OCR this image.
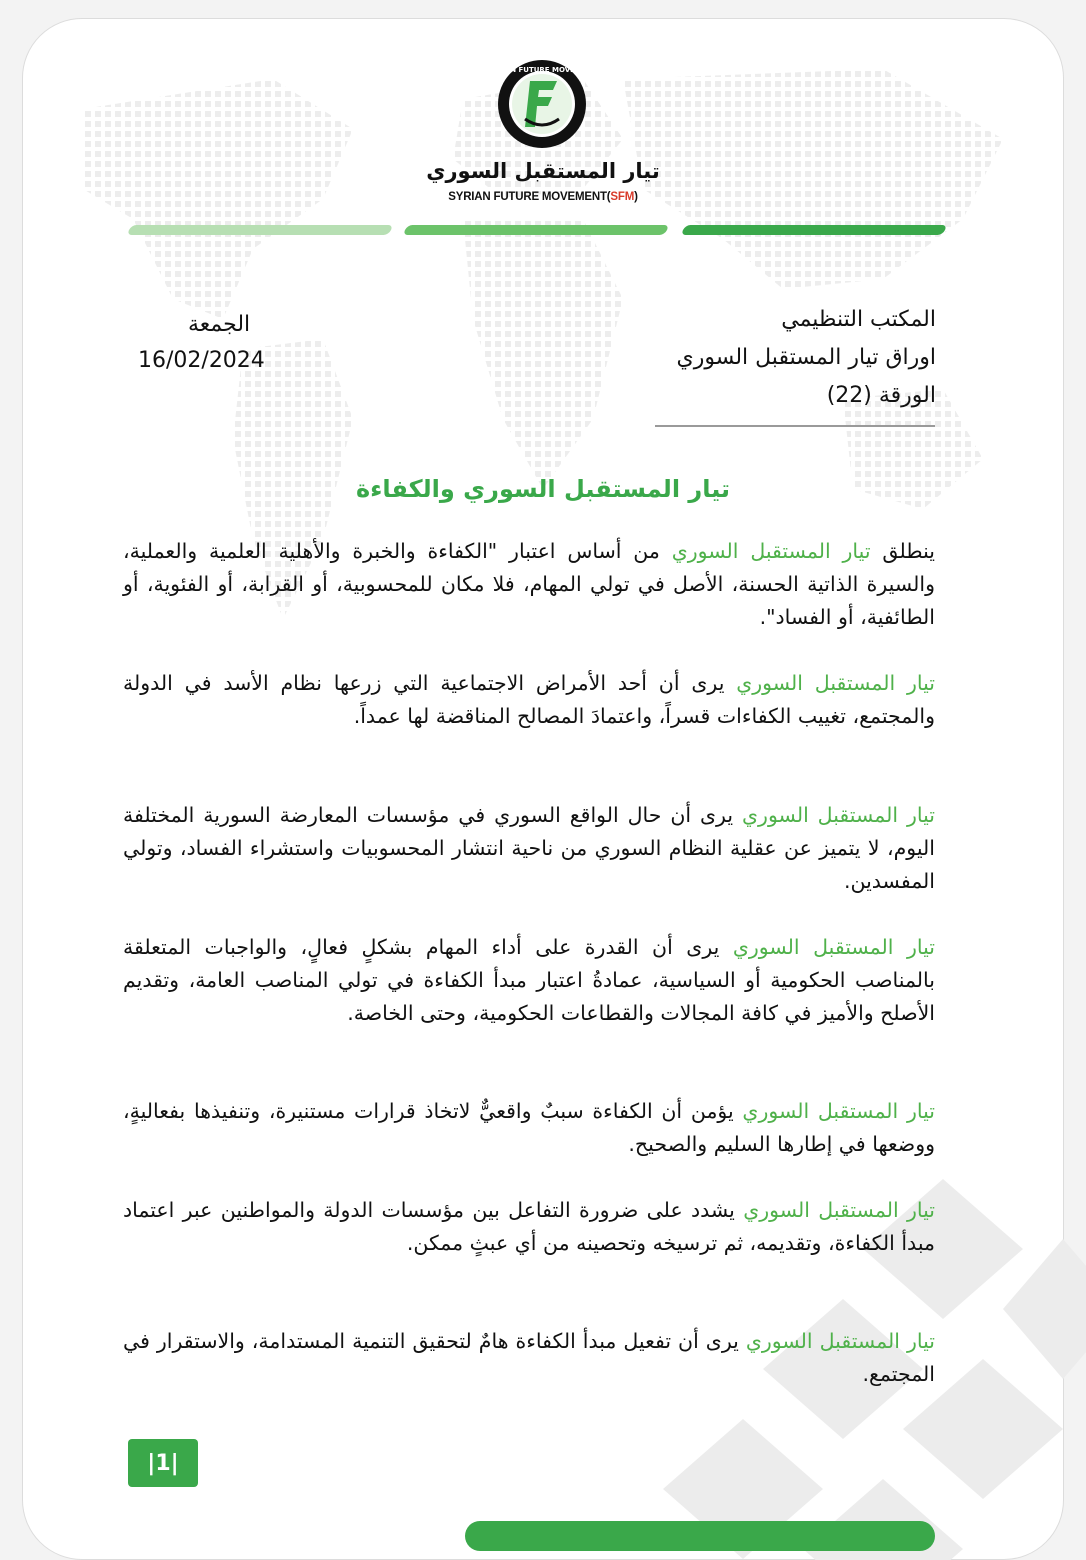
SYRIAN FUTURE MOVEMENT
تيار المستقبل السوري
SYRIAN FUTURE MOVEMENT(SFM)
المكتب التنظيمي
اوراق تيار المستقبل السوري
الورقة (22)
الجمعة
16/02/2024
تيار المستقبل السوري والكفاءة

ينطلق تيار المستقبل السوري من أساس اعتبار "الكفاءة والخبرة والأهلية العلمية والعملية، والسيرة الذاتية الحسنة، الأصل في تولي المهام، فلا مكان للمحسوبية، أو القرابة، أو الفئوية، أو الطائفية، أو الفساد".

تيار المستقبل السوري يرى أن أحد الأمراض الاجتماعية التي زرعها نظام الأسد في الدولة والمجتمع، تغييب الكفاءات قسراً، واعتمادَ المصالح المناقضة لها عمداً.

تيار المستقبل السوري يرى أن حال الواقع السوري في مؤسسات المعارضة السورية المختلفة اليوم، لا يتميز عن عقلية النظام السوري من ناحية انتشار المحسوبيات واستشراء الفساد، وتولي المفسدين.

تيار المستقبل السوري يرى أن القدرة على أداء المهام بشكلٍ فعالٍ، والواجبات المتعلقة بالمناصب الحكومية أو السياسية، عمادةُ اعتبار مبدأ الكفاءة في تولي المناصب العامة، وتقديم الأصلح والأميز في كافة المجالات والقطاعات الحكومية، وحتى الخاصة.

تيار المستقبل السوري يؤمن أن الكفاءة سببٌ واقعيٌّ لاتخاذ قرارات مستنيرة، وتنفيذها بفعاليةٍ، ووضعها في إطارها السليم والصحيح.

تيار المستقبل السوري يشدد على ضرورة التفاعل بين مؤسسات الدولة والمواطنين عبر اعتماد مبدأ الكفاءة، وتقديمه، ثم ترسيخه وتحصينه من أي عبثٍ ممكن.

تيار المستقبل السوري يرى أن تفعيل مبدأ الكفاءة هامٌ لتحقيق التنمية المستدامة، والاستقرار في المجتمع.

|1|
